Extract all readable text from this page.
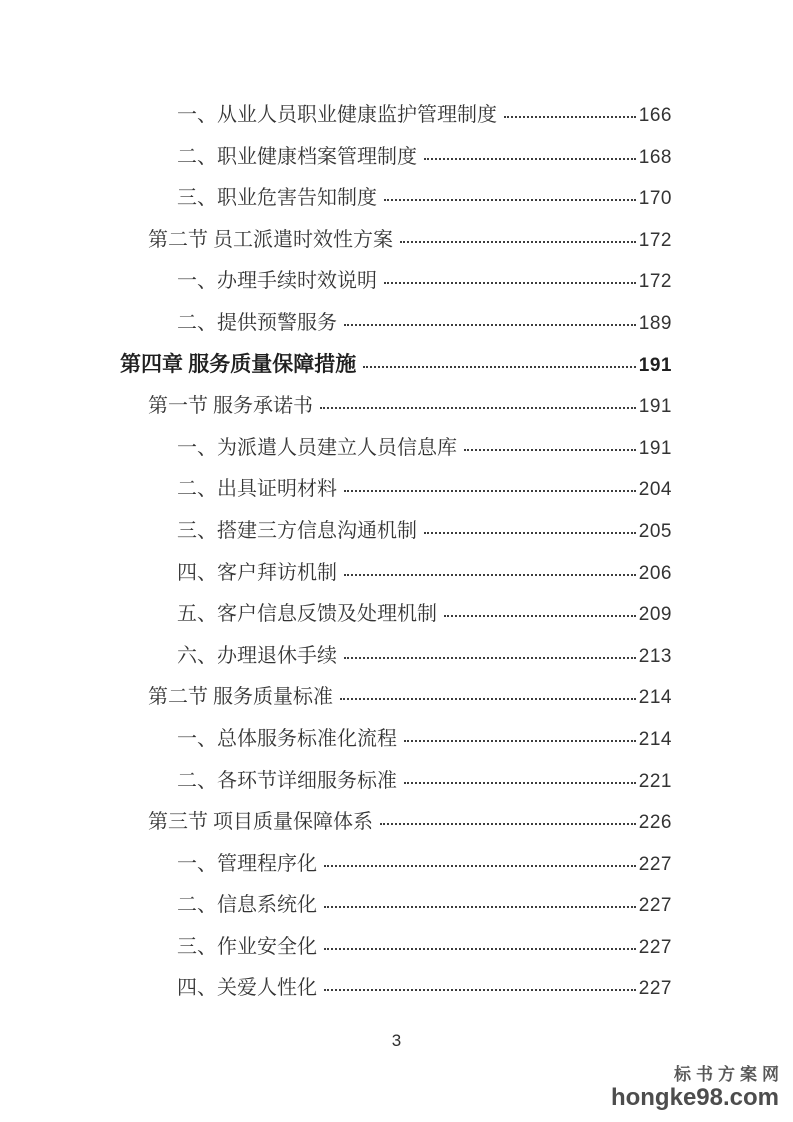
一、从业人员职业健康监护管理制度	166
二、职业健康档案管理制度	168
三、职业危害告知制度	170
第二节 员工派遣时效性方案	172
一、办理手续时效说明	172
二、提供预警服务	189
第四章 服务质量保障措施	191
第一节 服务承诺书	191
一、为派遣人员建立人员信息库	191
二、出具证明材料	204
三、搭建三方信息沟通机制	205
四、客户拜访机制	206
五、客户信息反馈及处理机制	209
六、办理退休手续	213
第二节 服务质量标准	214
一、总体服务标准化流程	214
二、各环节详细服务标准	221
第三节 项目质量保障体系	226
一、管理程序化	227
二、信息系统化	227
三、作业安全化	227
四、关爱人性化	227
3
标书方案网
hongke98.com
